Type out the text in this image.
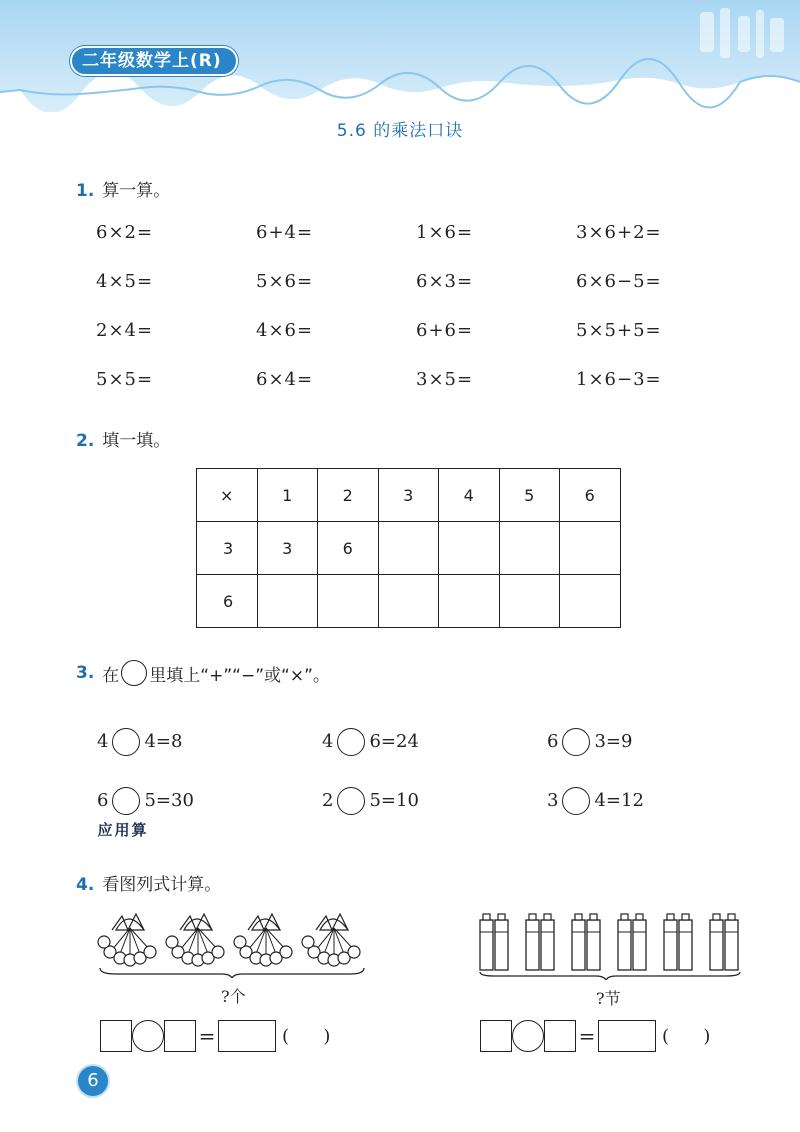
二年级数学上(R)
5.6 的乘法口诀
1. 算一算。
6×2=	6+4=	1×6=	3×6+2=
4×5=	5×6=	6×3=	6×6−5=
2×4=	4×6=	6+6=	5×5+5=
5×5=	6×4=	3×5=	1×6−3=
2. 填一填。
×	1	2	3	4	5	6
3	3	6				
6						
3. 在 里填上“+”“−”或“×”。
4 4=8	4 6=24	6 3=9
6 5=30	2 5=10	3 4=12
应用算
4. 看图列式计算。
?个	?节
=	(      )	=	(      )
6
